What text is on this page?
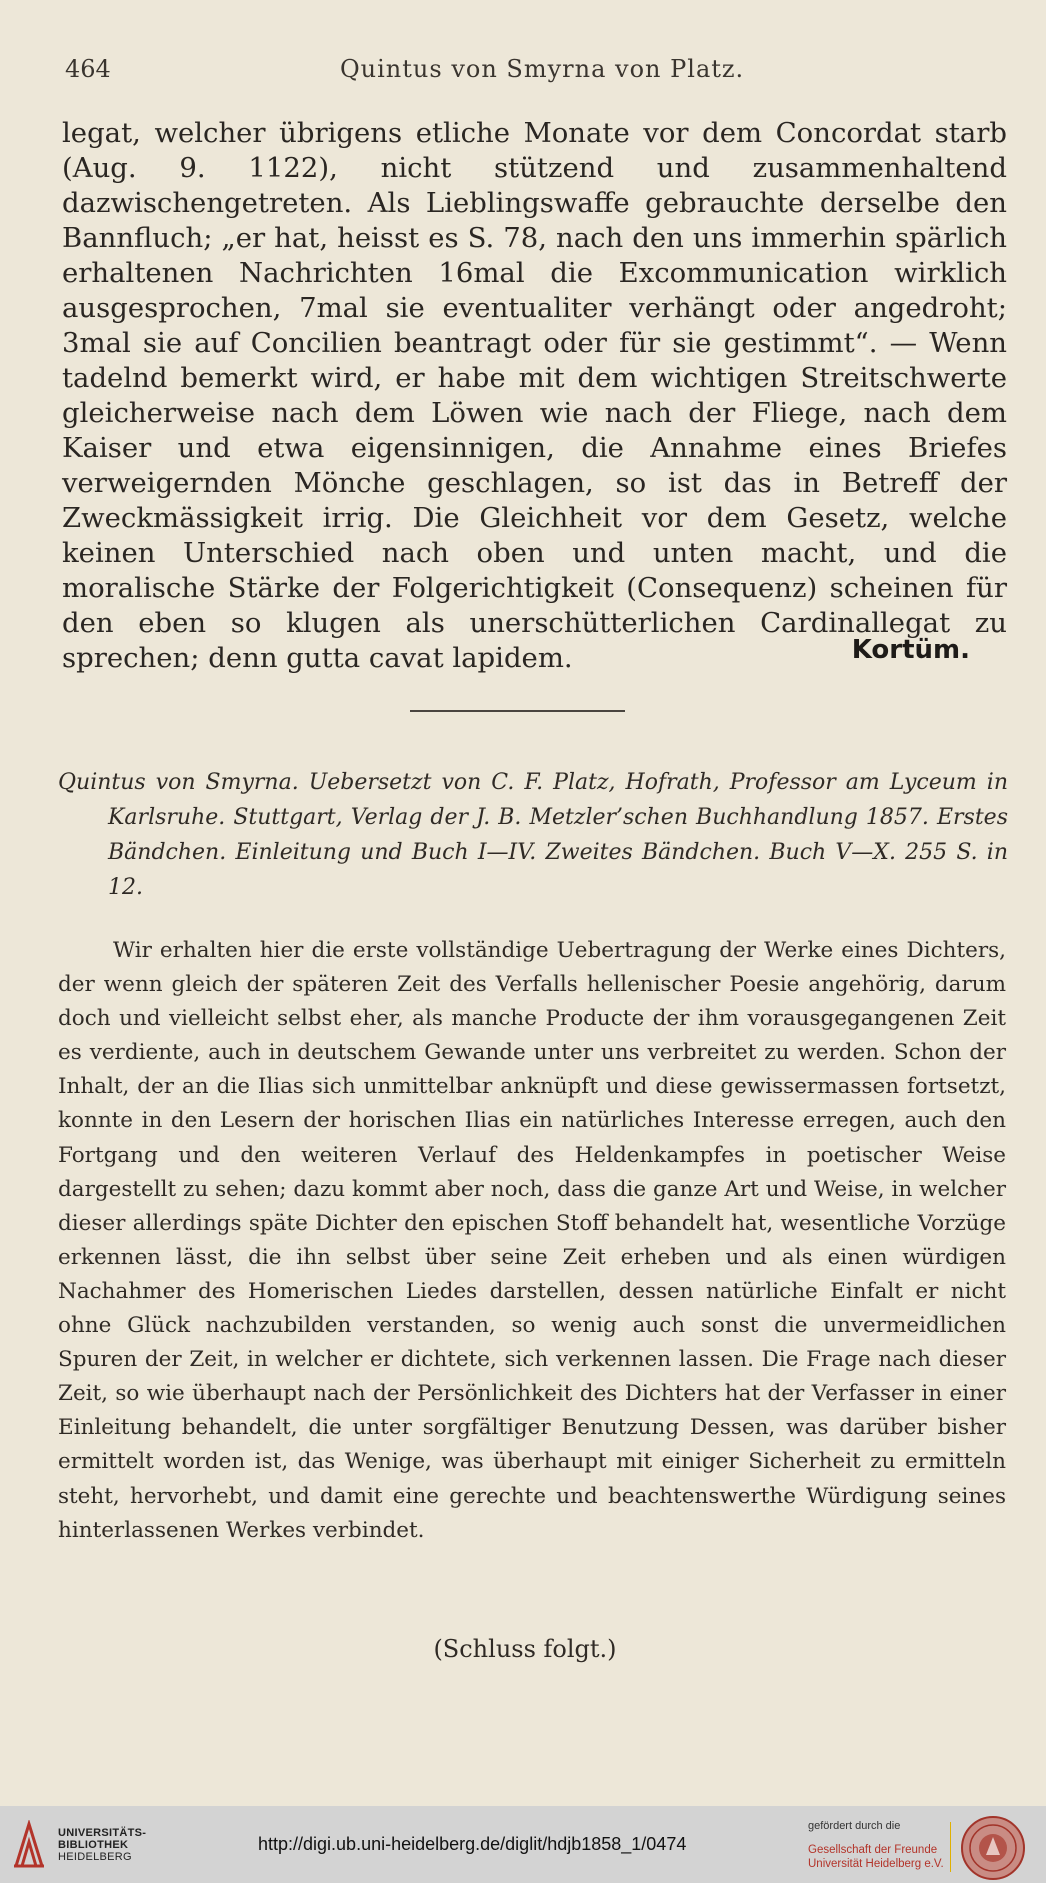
464	Quintus von Smyrna von Platz.

legat, welcher übrigens etliche Monate vor dem Concordat starb (Aug. 9. 1122), nicht stützend und zusammenhaltend dazwischengetreten. Als Lieblingswaffe gebrauchte derselbe den Bannfluch; „er hat, heisst es S. 78, nach den uns immerhin spärlich erhaltenen Nachrichten 16mal die Excommunication wirklich ausgesprochen, 7mal sie eventualiter verhängt oder angedroht; 3mal sie auf Concilien beantragt oder für sie gestimmt“. — Wenn tadelnd bemerkt wird, er habe mit dem wichtigen Streitschwerte gleicherweise nach dem Löwen wie nach der Fliege, nach dem Kaiser und etwa eigensinnigen, die Annahme eines Briefes verweigernden Mönche geschlagen, so ist das in Betreff der Zweckmässigkeit irrig. Die Gleichheit vor dem Gesetz, welche keinen Unterschied nach oben und unten macht, und die moralische Stärke der Folgerichtigkeit (Consequenz) scheinen für den eben so klugen als unerschütterlichen Cardinallegat zu sprechen; denn gutta cavat lapidem.	Kortüm.

Quintus von Smyrna. Uebersetzt von C. F. Platz, Hofrath, Professor am Lyceum in Karlsruhe. Stuttgart, Verlag der J. B. Metzler’schen Buchhandlung 1857. Erstes Bändchen. Einleitung und Buch I—IV. Zweites Bändchen. Buch V—X. 255 S. in 12.

Wir erhalten hier die erste vollständige Uebertragung der Werke eines Dichters, der wenn gleich der späteren Zeit des Verfalls hellenischer Poesie angehörig, darum doch und vielleicht selbst eher, als manche Producte der ihm vorausgegangenen Zeit es verdiente, auch in deutschem Gewande unter uns verbreitet zu werden. Schon der Inhalt, der an die Ilias sich unmittelbar anknüpft und diese gewissermassen fortsetzt, konnte in den Lesern der horischen Ilias ein natürliches Interesse erregen, auch den Fortgang und den weiteren Verlauf des Heldenkampfes in poetischer Weise dargestellt zu sehen; dazu kommt aber noch, dass die ganze Art und Weise, in welcher dieser allerdings späte Dichter den epischen Stoff behandelt hat, wesentliche Vorzüge erkennen lässt, die ihn selbst über seine Zeit erheben und als einen würdigen Nachahmer des Homerischen Liedes darstellen, dessen natürliche Einfalt er nicht ohne Glück nachzubilden verstanden, so wenig auch sonst die unvermeidlichen Spuren der Zeit, in welcher er dichtete, sich verkennen lassen. Die Frage nach dieser Zeit, so wie überhaupt nach der Persönlichkeit des Dichters hat der Verfasser in einer Einleitung behandelt, die unter sorgfältiger Benutzung Dessen, was darüber bisher ermittelt worden ist, das Wenige, was überhaupt mit einiger Sicherheit zu ermitteln steht, hervorhebt, und damit eine gerechte und beachtenswerthe Würdigung seines hinterlassenen Werkes verbindet.

(Schluss folgt.)
UNIVERSITÄTS-
BIBLIOTHEK
HEIDELBERG
http://digi.ub.uni-heidelberg.de/diglit/hdjb1858_1/0474
gefördert durch die
Gesellschaft der Freunde
Universität Heidelberg e.V.
